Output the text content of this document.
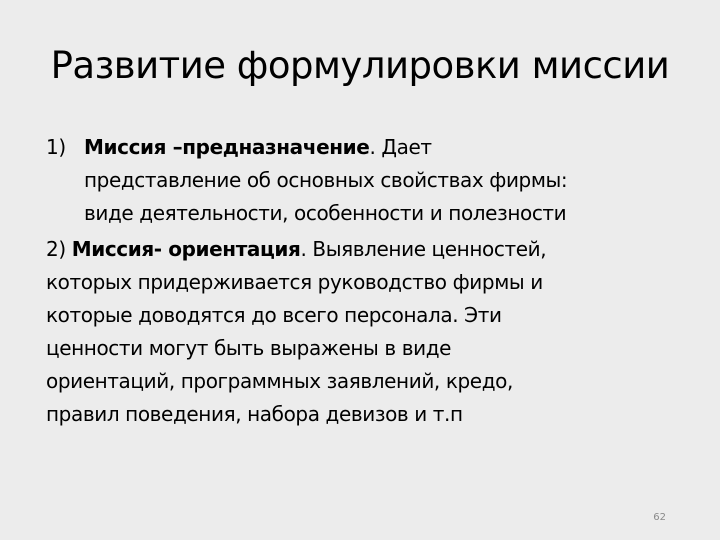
Развитие формулировки миссии
1) Миссия –предназначение. Дает
представление об основных свойствах фирмы:
виде деятельности, особенности и полезности
2) Миссия- ориентация. Выявление ценностей,
которых придерживается руководство фирмы и
которые доводятся до всего персонала. Эти
ценности могут быть выражены в виде
ориентаций, программных заявлений, кредо,
правил поведения, набора девизов и т.п
62
